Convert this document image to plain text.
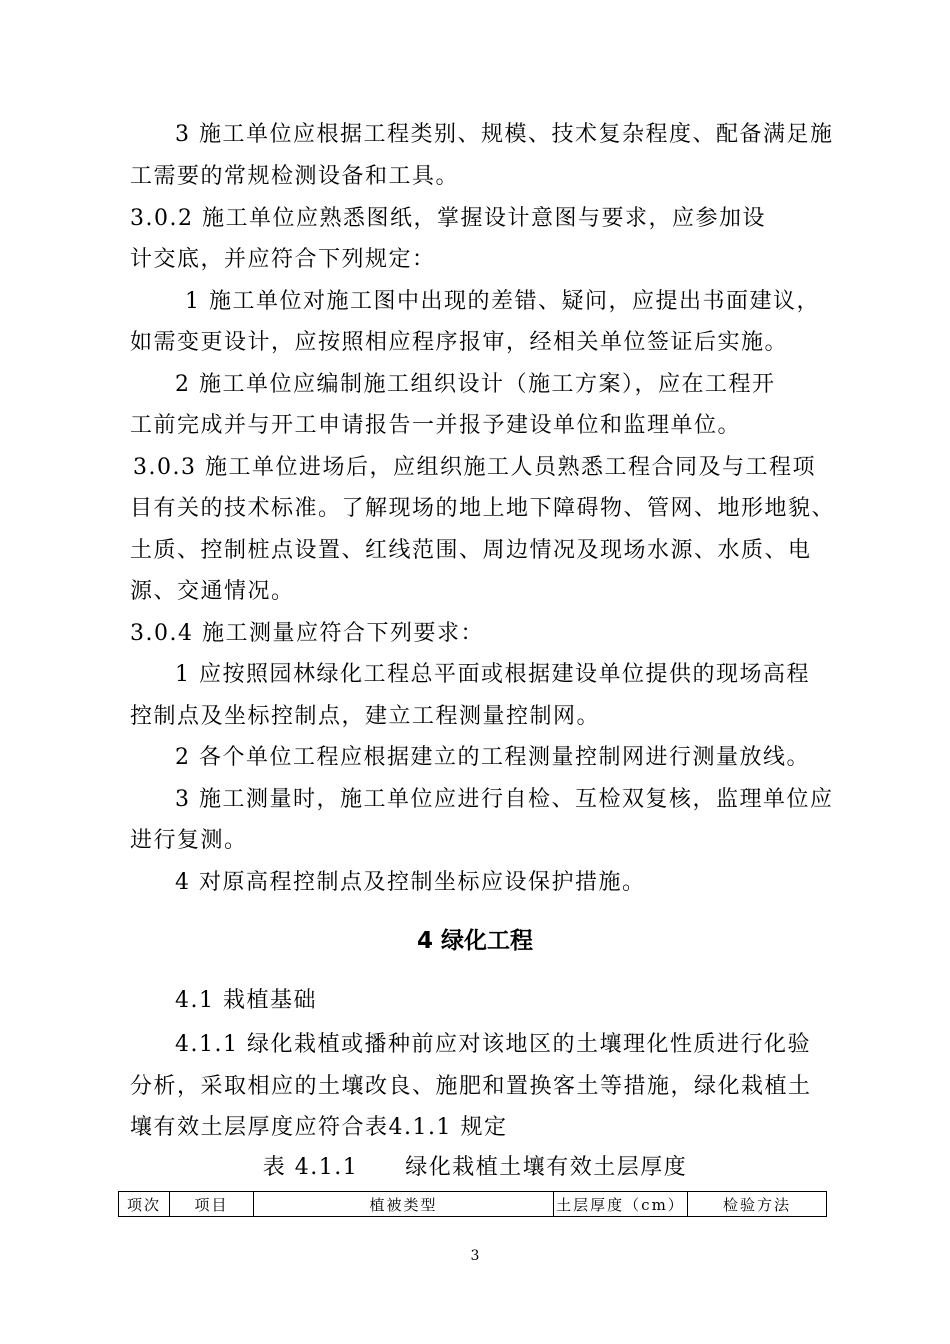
3 施工单位应根据工程类别、规模、技术复杂程度、配备满足施
工需要的常规检测设备和工具。
3.0.2 施工单位应熟悉图纸，掌握设计意图与要求，应参加设
计交底，并应符合下列规定：
1 施工单位对施工图中出现的差错、疑问，应提出书面建议，
如需变更设计，应按照相应程序报审，经相关单位签证后实施。
2 施工单位应编制施工组织设计（施工方案），应在工程开
工前完成并与开工申请报告一并报予建设单位和监理单位。
3.0.3 施工单位进场后，应组织施工人员熟悉工程合同及与工程项
目有关的技术标准。了解现场的地上地下障碍物、管网、地形地貌、
土质、控制桩点设置、红线范围、周边情况及现场水源、水质、电
源、交通情况。
3.0.4 施工测量应符合下列要求：
1 应按照园林绿化工程总平面或根据建设单位提供的现场高程
控制点及坐标控制点，建立工程测量控制网。
2 各个单位工程应根据建立的工程测量控制网进行测量放线。
3 施工测量时，施工单位应进行自检、互检双复核，监理单位应
进行复测。
4 对原高程控制点及控制坐标应设保护措施。
4 绿化工程
4.1 栽植基础
4.1.1 绿化栽植或播种前应对该地区的土壤理化性质进行化验
分析，采取相应的土壤改良、施肥和置换客土等措施，绿化栽植土
壤有效土层厚度应符合表4.1.1 规定
表 4.1.1　　绿化栽植土壤有效土层厚度
项次	项目	植被类型	土层厚度（cm）	检验方法
3
